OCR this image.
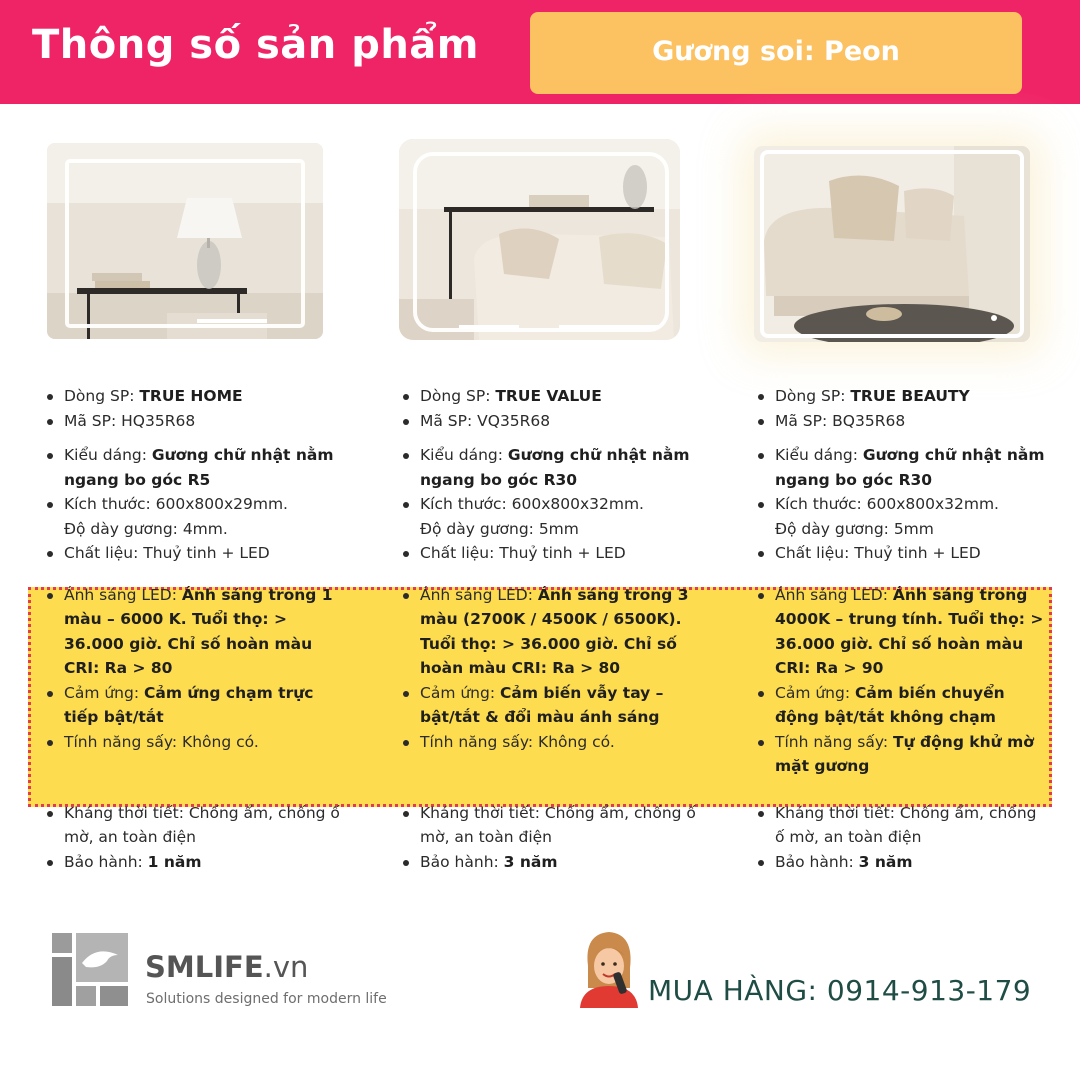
Thông số sản phẩm	Gương soi: Peon
Dòng SP: TRUE HOME
Mã SP: HQ35R68
Kiểu dáng: Gương chữ nhật nằm ngang bo góc R5
Kích thước: 600x800x29mm.
Độ dày gương: 4mm.
Chất liệu: Thuỷ tinh + LED
Ánh sáng LED: Ánh sáng trong 1 màu – 6000 K. Tuổi thọ: > 36.000 giờ. Chỉ số hoàn màu CRI: Ra > 80
Cảm ứng: Cảm ứng chạm trực tiếp bật/tắt
Tính năng sấy: Không có.
Kháng thời tiết: Chống ẩm, chống ố mờ, an toàn điện
Bảo hành: 1 năm
Dòng SP: TRUE VALUE
Mã SP: VQ35R68
Kiểu dáng: Gương chữ nhật nằm ngang bo góc R30
Kích thước: 600x800x32mm.
Độ dày gương: 5mm
Chất liệu: Thuỷ tinh + LED
Ánh sáng LED: Ánh sáng trong 3 màu (2700K / 4500K / 6500K). Tuổi thọ: > 36.000 giờ. Chỉ số hoàn màu CRI: Ra > 80
Cảm ứng: Cảm biến vẫy tay – bật/tắt & đổi màu ánh sáng
Tính năng sấy: Không có.
Kháng thời tiết: Chống ẩm, chống ố mờ, an toàn điện
Bảo hành: 3 năm
Dòng SP: TRUE BEAUTY
Mã SP: BQ35R68
Kiểu dáng: Gương chữ nhật nằm ngang bo góc R30
Kích thước: 600x800x32mm.
Độ dày gương: 5mm
Chất liệu: Thuỷ tinh + LED
Ánh sáng LED: Ánh sáng trong 4000K – trung tính. Tuổi thọ: > 36.000 giờ. Chỉ số hoàn màu CRI: Ra > 90
Cảm ứng: Cảm biến chuyển động bật/tắt không chạm
Tính năng sấy: Tự động khử mờ mặt gương
Kháng thời tiết: Chống ẩm, chống ố mờ, an toàn điện
Bảo hành: 3 năm
SMLIFE.vn
Solutions designed for modern life	MUA HÀNG: 0914-913-179
